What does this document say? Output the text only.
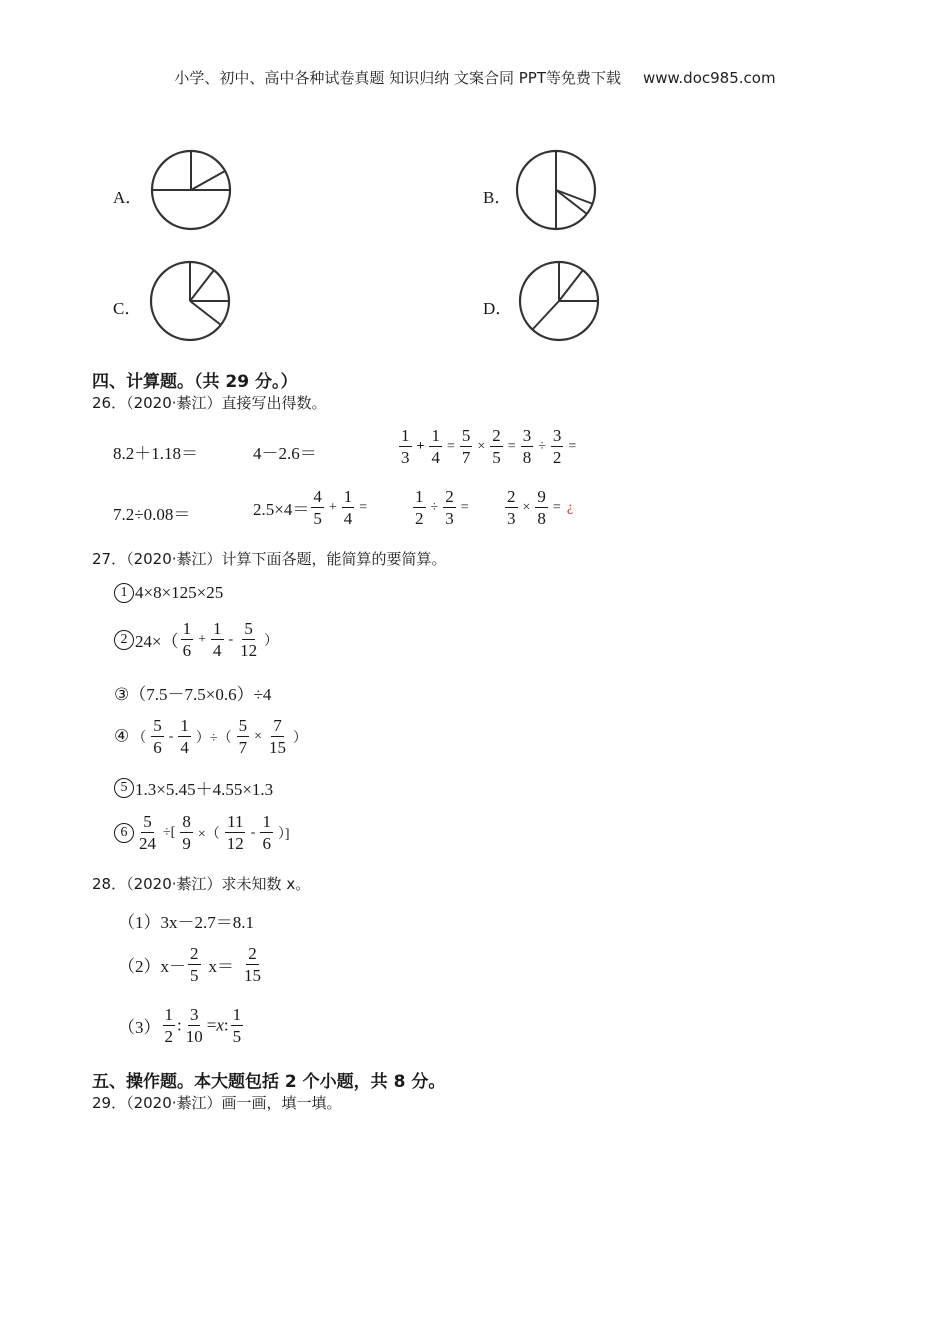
小学、初中、高中各种试卷真题 知识归纳 文案合同 PPT等免费下载 www.doc985.com
A．	B．
C．	D．
四、计算题。（共 29 分。）
26．（2020·綦江）直接写出得数。
8.2＋1.18＝	4－2.6＝	$\frac{1}{3} + \frac{1}{4} = \frac{5}{7} \times \frac{2}{5} = \frac{3}{8} \div \frac{3}{2}$ =
7.2÷0.08＝	$2.5\times 4= \frac{4}{5} + \frac{1}{4}$ =	$\frac{1}{2} \div \frac{2}{3} = \frac{2}{3} \times \frac{9}{8}$ = ¿
27．（2020·綦江）计算下面各题，能简算的要简算。
1 4×8×125×25
2 $24\times( \frac{1}{6} + \frac{1}{4} - \frac{5}{12}$ ）
③（7.5－7.5×0.6）÷4
④ （ $\frac{5}{6} - \frac{1}{4}$ ）÷（ $\frac{5}{7} \times \frac{7}{15}$ ）
5 1.3×5.45＋4.55×1.3
$6 \frac{5}{24}$ ÷[ $\frac{8}{9}$ ×（ $\frac{11}{12} - \frac{1}{6}$ ）]
28．（2020·綦江）求未知数 x。
（1）3x－2.7＝8.1
$(2)x- \frac{2}{5} x= \frac{2}{15}$
$(3) \frac{1}{2}$ : $\frac{3}{10} =x$: $\frac{1}{5}$
五、操作题。本大题包括 2 个小题，共 8 分。
29．（2020·綦江）画一画，填一填。
